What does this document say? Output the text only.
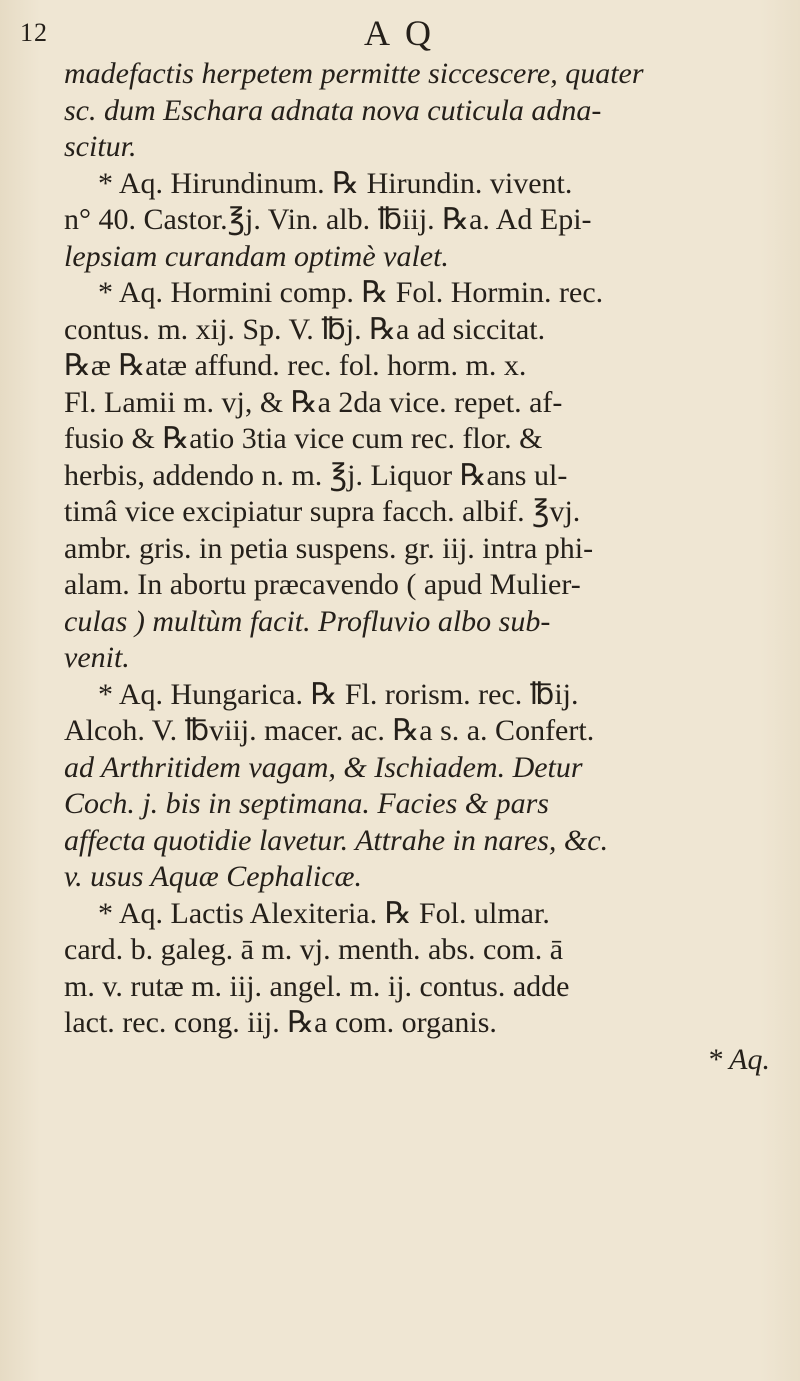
12	A Q
madefactis herpetem permitte siccescere, quater
sc. dum Eschara adnata nova cuticula adna-
scitur.
* Aq. Hirundinum. ℞ Hirundin. vivent.
n° 40. Castor.℥j. Vin. alb. ℔iij. ℞a. Ad Epi-
lepsiam curandam optimè valet.
* Aq. Hormini comp. ℞ Fol. Hormin. rec.
contus. m. xij. Sp. V. ℔j. ℞a ad siccitat.
℞æ ℞atæ affund. rec. fol. horm. m. x.
Fl. Lamii m. vj, & ℞a 2da vice. repet. af-
fusio & ℞atio 3tia vice cum rec. flor. &
herbis, addendo n. m. ℥j. Liquor ℞ans ul-
timâ vice excipiatur supra facch. albif. ℥vj.
ambr. gris. in petia suspens. gr. iij. intra phi-
alam. In abortu præcavendo ( apud Mulier-
culas ) multùm facit. Profluvio albo sub-
venit.
* Aq. Hungarica. ℞ Fl. rorism. rec. ℔ij.
Alcoh. V. ℔viij. macer. ac. ℞a s. a. Confert.
ad Arthritidem vagam, & Ischiadem. Detur
Coch. j. bis in septimana. Facies & pars
affecta quotidie lavetur. Attrahe in nares, &c.
v. usus Aquæ Cephalicæ.
* Aq. Lactis Alexiteria. ℞ Fol. ulmar.
card. b. galeg. ā m. vj. menth. abs. com. ā
m. v. rutæ m. iij. angel. m. ij. contus. adde
lact. rec. cong. iij. ℞a com. organis.
* Aq.
